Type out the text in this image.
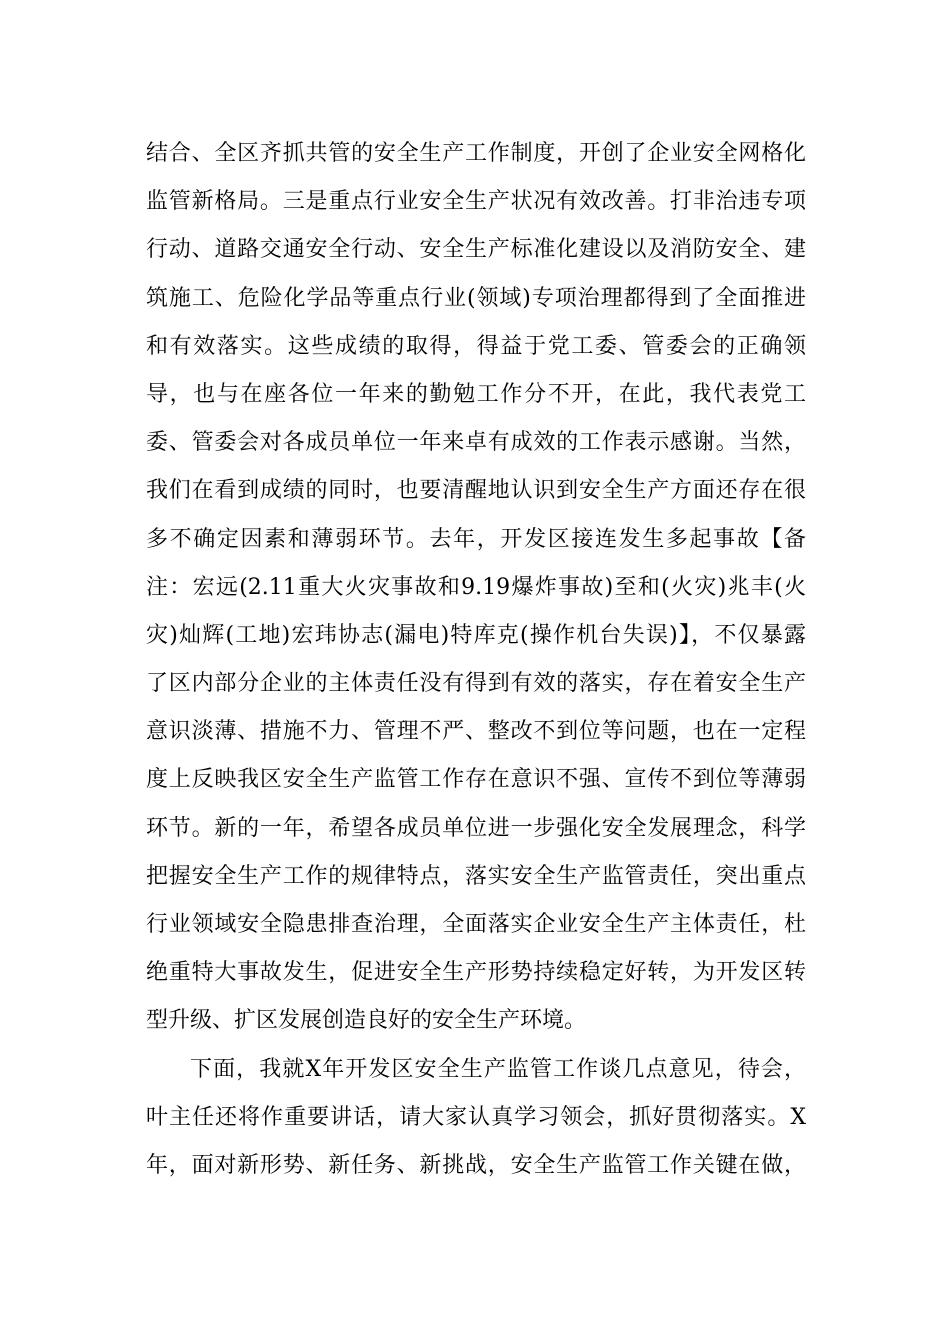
结合、全区齐抓共管的安全生产工作制度，开创了企业安全网格化
监管新格局。三是重点行业安全生产状况有效改善。打非治违专项
行动、道路交通安全行动、安全生产标准化建设以及消防安全、建
筑施工、危险化学品等重点行业(领域)专项治理都得到了全面推进
和有效落实。这些成绩的取得，得益于党工委、管委会的正确领
导，也与在座各位一年来的勤勉工作分不开，在此，我代表党工
委、管委会对各成员单位一年来卓有成效的工作表示感谢。当然，
我们在看到成绩的同时，也要清醒地认识到安全生产方面还存在很
多不确定因素和薄弱环节。去年，开发区接连发生多起事故【备
注：宏远(2.11重大火灾事故和9.19爆炸事故)至和(火灾)兆丰(火
灾)灿辉(工地)宏玮协志(漏电)特库克(操作机台失误)】，不仅暴露
了区内部分企业的主体责任没有得到有效的落实，存在着安全生产
意识淡薄、措施不力、管理不严、整改不到位等问题，也在一定程
度上反映我区安全生产监管工作存在意识不强、宣传不到位等薄弱
环节。新的一年，希望各成员单位进一步强化安全发展理念，科学
把握安全生产工作的规律特点，落实安全生产监管责任，突出重点
行业领域安全隐患排查治理，全面落实企业安全生产主体责任，杜
绝重特大事故发生，促进安全生产形势持续稳定好转，为开发区转
型升级、扩区发展创造良好的安全生产环境。
下面，我就X年开发区安全生产监管工作谈几点意见，待会，
叶主任还将作重要讲话，请大家认真学习领会，抓好贯彻落实。X
年，面对新形势、新任务、新挑战，安全生产监管工作关键在做，
